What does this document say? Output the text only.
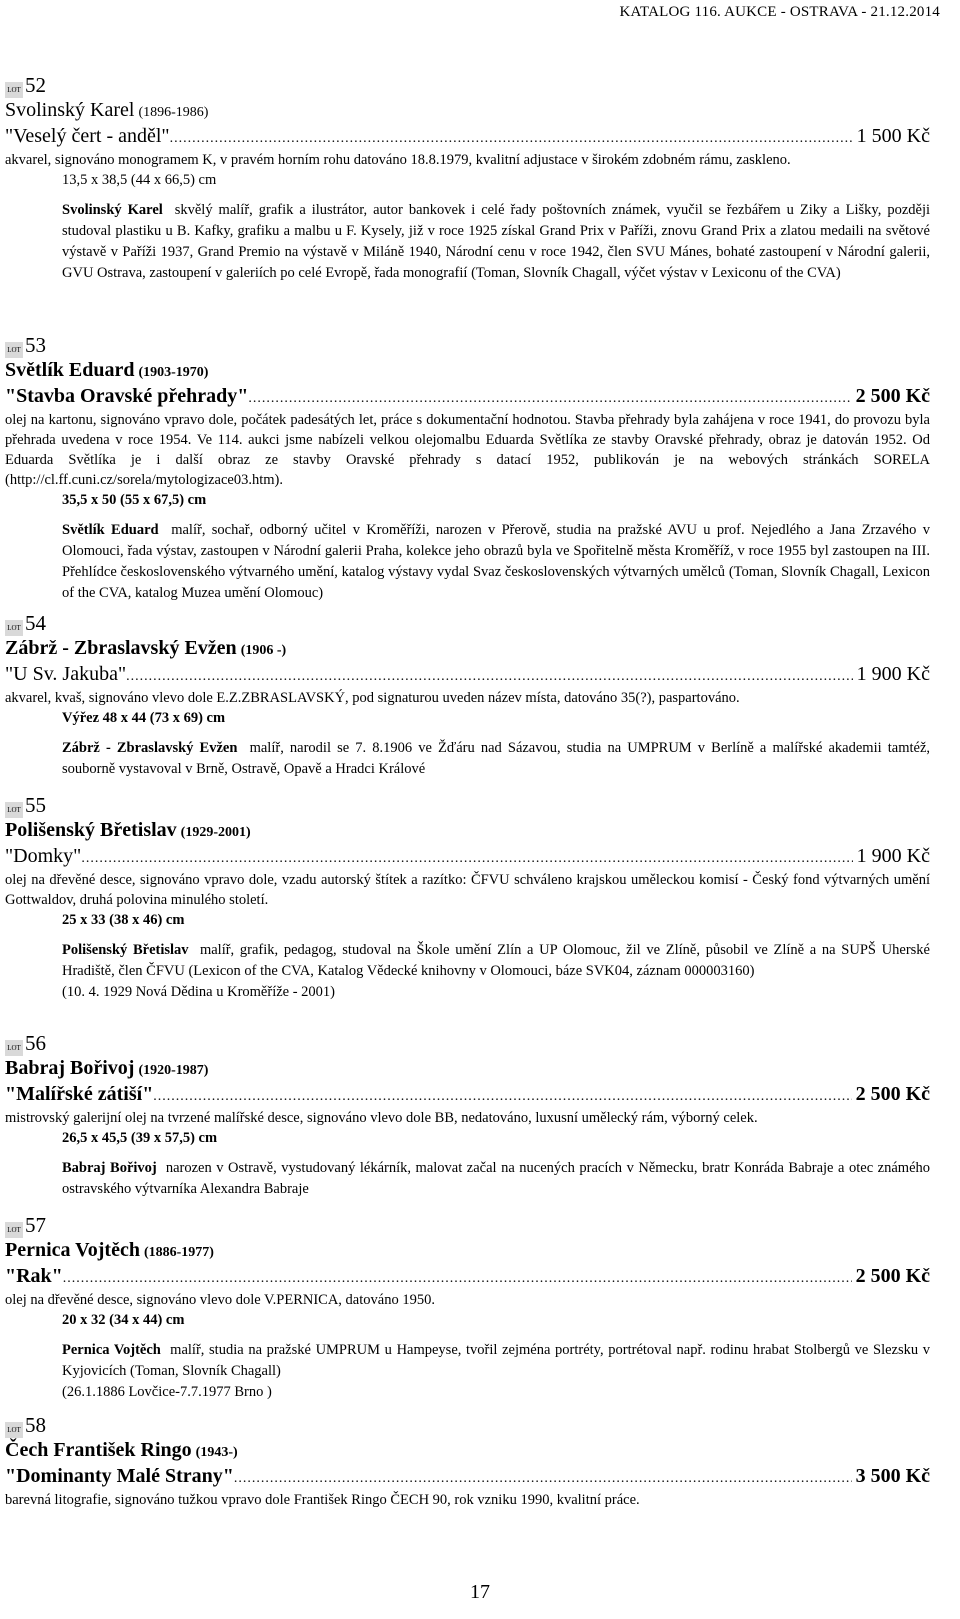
KATALOG 116. AUKCE - OSTRAVA - 21.12.2014
LOT 52
Svolinský Karel (1896-1986)
"Veselý čert - anděl" .....	1 500 Kč
akvarel, signováno monogramem K, v pravém horním rohu datováno 18.8.1979, kvalitní adjustace v širokém zdobném rámu, zaskleno.
13,5 x 38,5 (44 x 66,5) cm
Svolinský Karel skvělý malíř, grafik a ilustrátor, autor bankovek i celé řady poštovních známek, vyučil se řezbářem u Ziky a Lišky, později studoval plastiku u B. Kafky, grafiku a malbu u F. Kysely, již v roce 1925 získal Grand Prix v Paříži, znovu Grand Prix a zlatou medaili na světové výstavě v Paříži 1937, Grand Premio na výstavě v Miláně 1940, Národní cenu v roce 1942, člen SVU Mánes, bohaté zastoupení v Národní galerii, GVU Ostrava, zastoupení v galeriích po celé Evropě, řada monografií (Toman, Slovník Chagall, výčet výstav v Lexiconu of the CVA)
LOT 53
Světlík Eduard (1903-1970)
"Stavba Oravské přehrady" .....	2 500 Kč
olej na kartonu, signováno vpravo dole, počátek padesátých let, práce s dokumentační hodnotou. Stavba přehrady byla zahájena v roce 1941, do provozu byla přehrada uvedena v roce 1954. Ve 114. aukci jsme nabízeli velkou olejomalbu Eduarda Světlíka ze stavby Oravské přehrady, obraz je datován 1952. Od Eduarda Světlíka je i další obraz ze stavby Oravské přehrady s datací 1952, publikován je na webových stránkách SORELA (http://cl.ff.cuni.cz/sorela/mytologizace03.htm).
35,5 x 50 (55 x 67,5) cm
Světlík Eduard malíř, sochař, odborný učitel v Kroměříži, narozen v Přerově, studia na pražské AVU u prof. Nejedlého a Jana Zrzavého v Olomouci, řada výstav, zastoupen v Národní galerii Praha, kolekce jeho obrazů byla ve Spořitelně města Kroměříž, v roce 1955 byl zastoupen na III. Přehlídce československého výtvarného umění, katalog výstavy vydal Svaz československých výtvarných umělců (Toman, Slovník Chagall, Lexicon of the CVA, katalog Muzea umění Olomouc)
LOT 54
Zábrž - Zbraslavský Evžen (1906 -)
"U Sv. Jakuba" .....	1 900 Kč
akvarel, kvaš, signováno vlevo dole E.Z.ZBRASLAVSKÝ, pod signaturou uveden název místa, datováno 35(?), paspartováno.
Výřez 48 x 44 (73 x 69) cm
Zábrž - Zbraslavský Evžen malíř, narodil se 7. 8.1906 ve Žďáru nad Sázavou, studia na UMPRUM v Berlíně a malířské akademii tamtéž, souborně vystavoval v Brně, Ostravě, Opavě a Hradci Králové
LOT 55
Polišenský Břetislav (1929-2001)
"Domky" .....	1 900 Kč
olej na dřevěné desce, signováno vpravo dole, vzadu autorský štítek a razítko: ČFVU schváleno krajskou uměleckou komisí - Český fond výtvarných umění Gottwaldov, druhá polovina minulého století.
25 x 33 (38 x 46) cm
Polišenský Břetislav malíř, grafik, pedagog, studoval na Škole umění Zlín a UP Olomouc, žil ve Zlíně, působil ve Zlíně a na SUPŠ Uherské Hradiště, člen ČFVU (Lexicon of the CVA, Katalog Vědecké knihovny v Olomouci, báze SVK04, záznam 000003160)
(10. 4. 1929 Nová Dědina u Kroměříže - 2001)
LOT 56
Babraj Bořivoj (1920-1987)
"Malířské zátiší" .....	2 500 Kč
mistrovský galerijní olej na tvrzené malířské desce, signováno vlevo dole BB, nedatováno, luxusní umělecký rám, výborný celek.
26,5 x 45,5 (39 x 57,5) cm
Babraj Bořivoj narozen v Ostravě, vystudovaný lékárník, malovat začal na nucených pracích v Německu, bratr Konráda Babraje a otec známého ostravského výtvarníka Alexandra Babraje
LOT 57
Pernica Vojtěch (1886-1977)
"Rak" .....	2 500 Kč
olej na dřevěné desce, signováno vlevo dole V.PERNICA, datováno 1950.
20 x 32 (34 x 44) cm
Pernica Vojtěch malíř, studia na pražské UMPRUM u Hampeyse, tvořil zejména portréty, portrétoval např. rodinu hrabat Stolbergů ve Slezsku v Kyjovicích (Toman, Slovník Chagall)
(26.1.1886 Lovčice-7.7.1977 Brno )
LOT 58
Čech František Ringo (1943-)
"Dominanty Malé Strany" .....	3 500 Kč
barevná litografie, signováno tužkou vpravo dole František Ringo ČECH 90, rok vzniku 1990, kvalitní práce.
17
